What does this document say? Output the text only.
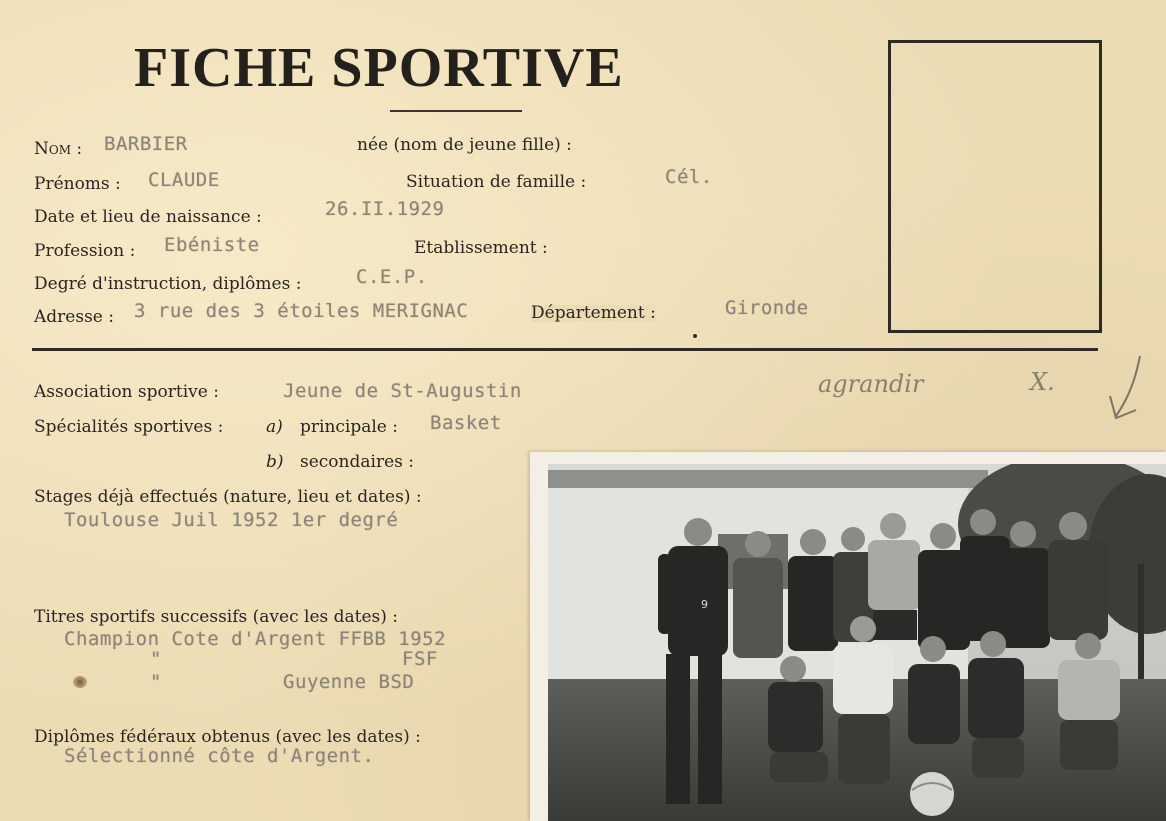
FICHE SPORTIVE
Nom : BARBIER	née (nom de jeune fille) :
Prénoms : CLAUDE	Situation de famille :	Cél.
Date et lieu de naissance :	26.II.1929
Profession : Ebéniste	Etablissement :
Degré d'instruction, diplômes :	C.E.P.
Adresse : 3 rue des 3 étoiles MERIGNAC	Département :	Gironde
Association sportive :	Jeune de St-Augustin	agrandir	X.
Spécialités sportives :	a) principale : Basket
b) secondaires :
Stages déjà effectués (nature, lieu et dates) :
Toulouse Juil 1952 1er degré
Titres sportifs successifs (avec les dates) :
Champion Cote d'Argent FFBB 1952
"	FSF
"	Guyenne BSD
Diplômes fédéraux obtenus (avec les dates) :
Sélectionné côte d'Argent.
9
